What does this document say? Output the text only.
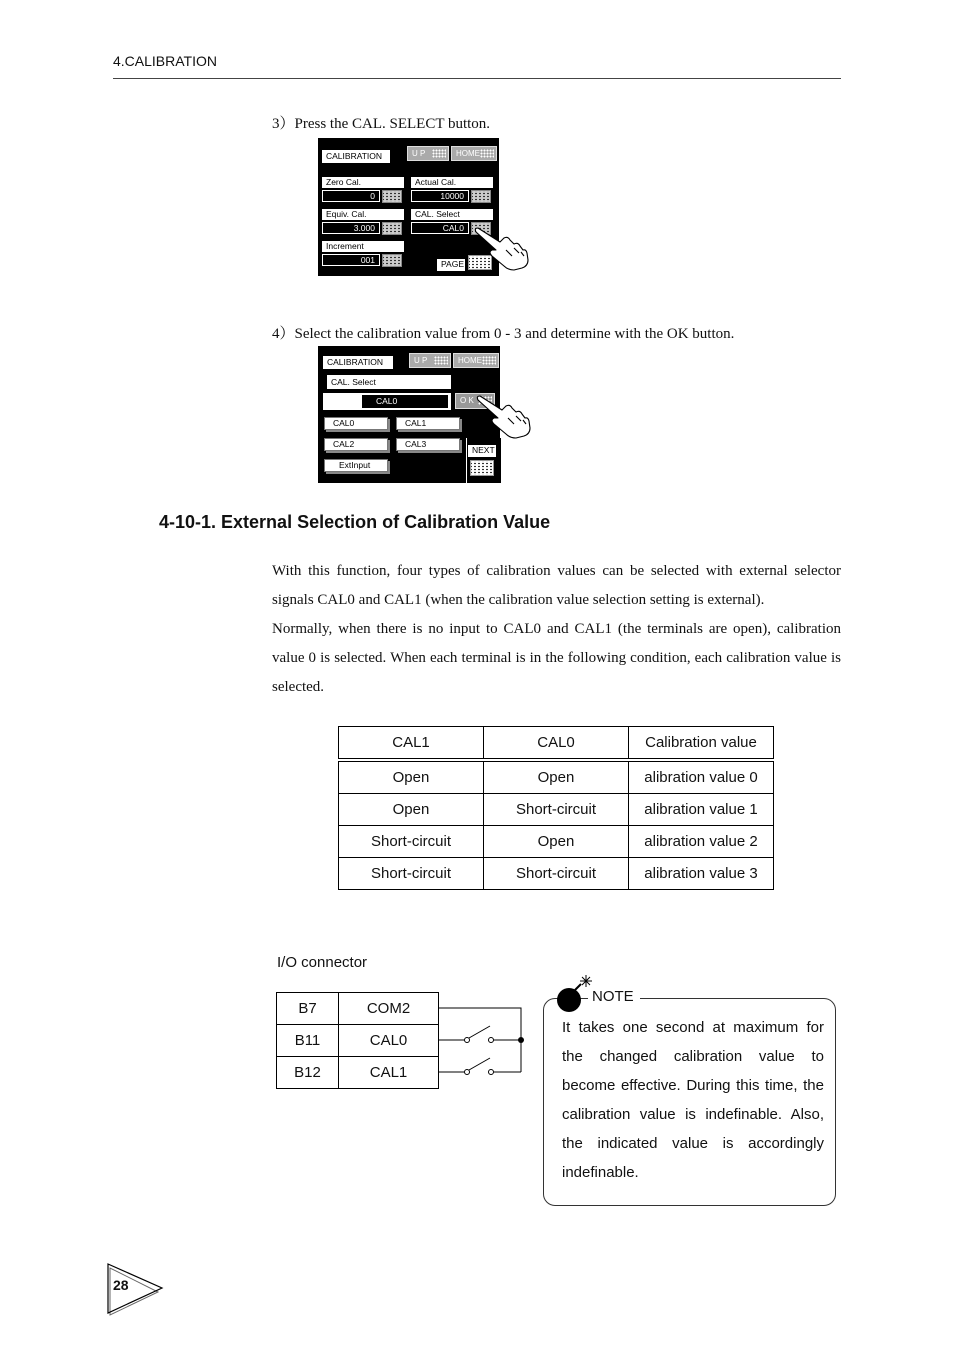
4.CALIBRATION
3）Press the CAL. SELECT button.
CALIBRATION	U P	HOME
Zero Cal.
0
Actual Cal.
10000
Equiv. Cal.
3.000
CAL. Select
CAL0
Increment
001	PAGE
4）Select the calibration value from 0 - 3 and determine with the OK button.
CALIBRATION	U P	HOME
CAL. Select
CAL0	O K
CAL0	CAL1
CAL2	CAL3
ExtInput
NEXT
4-10-1. External Selection of Calibration Value
With this function, four types of calibration values can be selected with external selector signals CAL0 and CAL1 (when the calibration value selection setting is external).
Normally, when there is no input to CAL0 and CAL1 (the terminals are open), calibration value 0 is selected. When each terminal is in the following condition, each calibration value is selected.
CAL1	CAL0	Calibration value
Open	Open	alibration value 0
Open	Short-circuit	alibration value 1
Short-circuit	Open	alibration value 2
Short-circuit	Short-circuit	alibration value 3
I/O connector
B7	COM2
B11	CAL0
B12	CAL1
NOTE
It takes one second at maximum for the changed calibration value to become effective. During this time, the calibration value is indefinable. Also, the indicated value is accordingly indefinable.
28
